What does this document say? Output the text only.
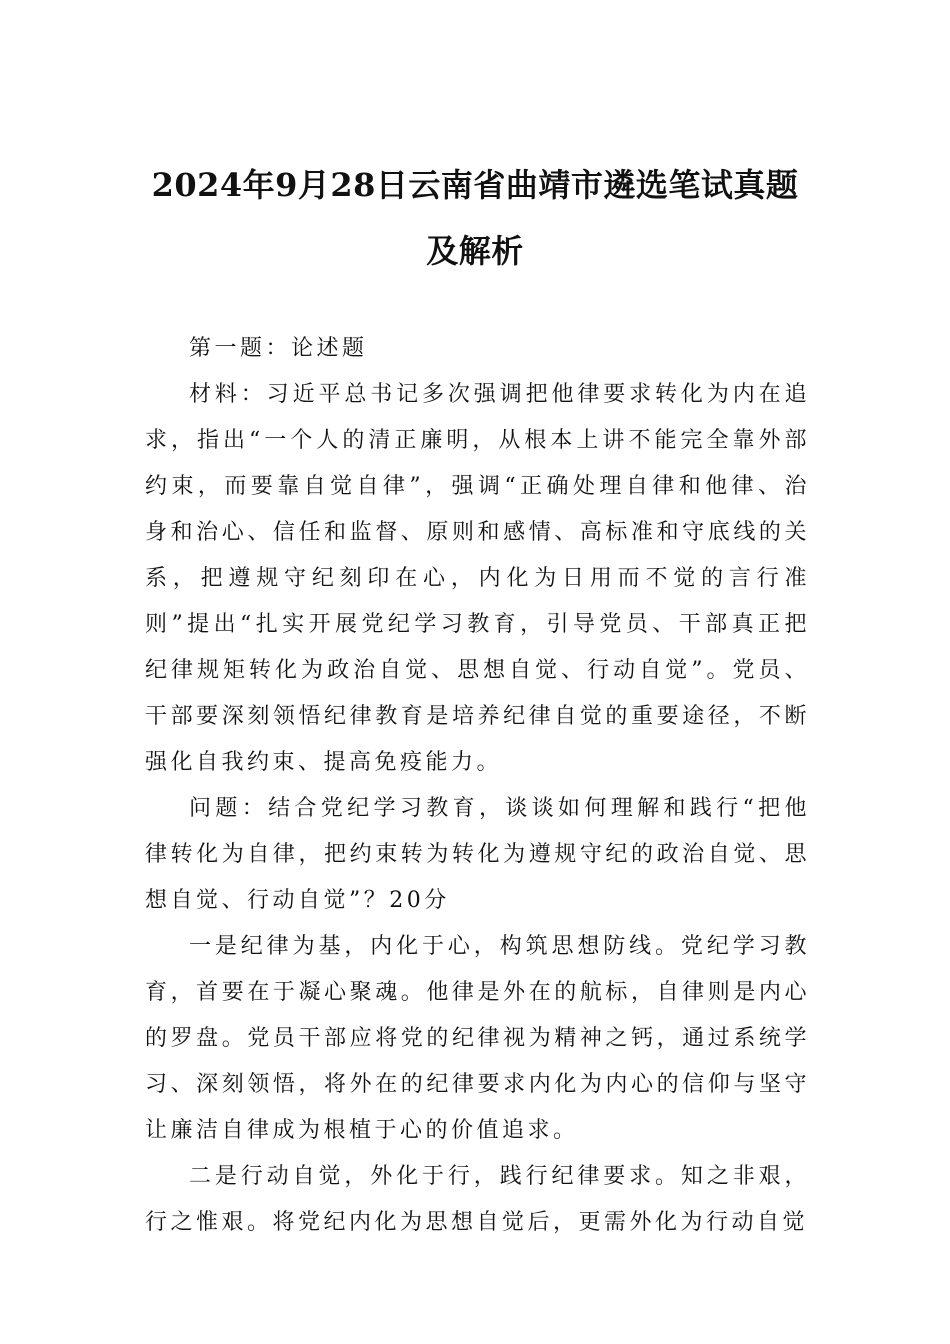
2024年9月28日云南省曲靖市遴选笔试真题及解析

第一题：论述题

材料：习近平总书记多次强调把他律要求转化为内在追求，指出“一个人的清正廉明，从根本上讲不能完全靠外部约束，而要靠自觉自律”，强调“正确处理自律和他律、治身和治心、信任和监督、原则和感情、高标准和守底线的关系，把遵规守纪刻印在心，内化为日用而不觉的言行准则”提出“扎实开展党纪学习教育，引导党员、干部真正把纪律规矩转化为政治自觉、思想自觉、行动自觉”。党员、干部要深刻领悟纪律教育是培养纪律自觉的重要途径，不断强化自我约束、提高免疫能力。

问题：结合党纪学习教育，谈谈如何理解和践行“把他律转化为自律，把约束转为转化为遵规守纪的政治自觉、思想自觉、行动自觉”？20分

一是纪律为基，内化于心，构筑思想防线。党纪学习教育，首要在于凝心聚魂。他律是外在的航标，自律则是内心的罗盘。党员干部应将党的纪律视为精神之钙，通过系统学习、深刻领悟，将外在的纪律要求内化为内心的信仰与坚守让廉洁自律成为根植于心的价值追求。

二是行动自觉，外化于行，践行纪律要求。知之非艰，行之惟艰。将党纪内化为思想自觉后，更需外化为行动自觉
